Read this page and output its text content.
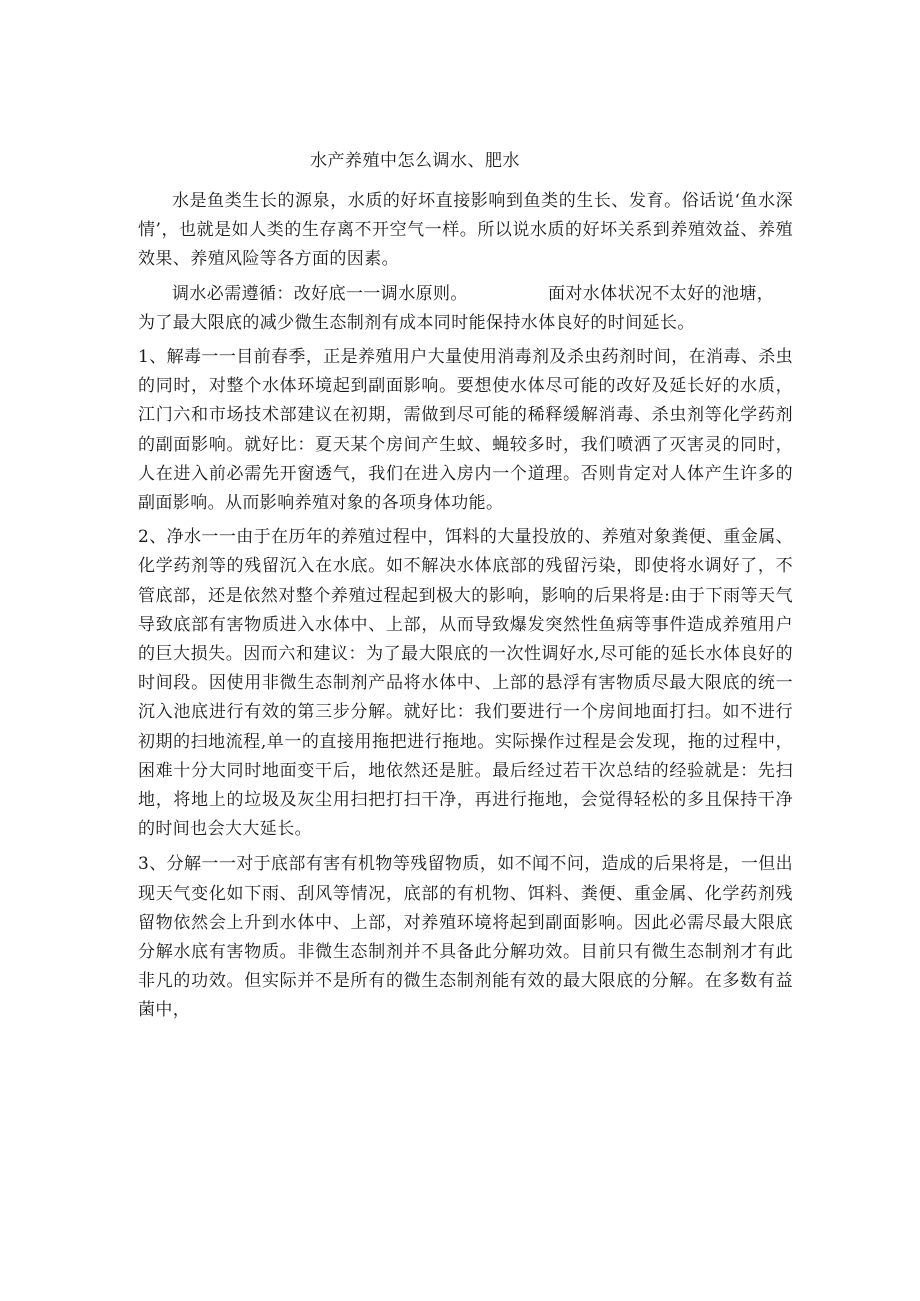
水产养殖中怎么调水、肥水

水是鱼类生长的源泉，水质的好坏直接影响到鱼类的生长、发育。俗话说‘鱼水深情’，也就是如人类的生存离不开空气一样。所以说水质的好坏关系到养殖效益、养殖效果、养殖风险等各方面的因素。

调水必需遵循：改好底一一调水原则。	面对水体状况不太好的池塘，
为了最大限底的减少微生态制剂有成本同时能保持水体良好的时间延长。

1、解毒一一目前春季，正是养殖用户大量使用消毒剂及杀虫药剂时间，在消毒、杀虫的同时，对整个水体环境起到副面影响。要想使水体尽可能的改好及延长好的水质，江门六和市场技术部建议在初期，需做到尽可能的稀释缓解消毒、杀虫剂等化学药剂的副面影响。就好比：夏天某个房间产生蚊、蝇较多时，我们喷洒了灭害灵的同时，人在进入前必需先开窗透气，我们在进入房内一个道理。否则肯定对人体产生许多的副面影响。从而影响养殖对象的各项身体功能。

2、净水一一由于在历年的养殖过程中，饵料的大量投放的、养殖对象粪便、重金属、化学药剂等的残留沉入在水底。如不解决水体底部的残留污染，即使将水调好了，不管底部，还是依然对整个养殖过程起到极大的影响，影响的后果将是:由于下雨等天气导致底部有害物质进入水体中、上部，从而导致爆发突然性鱼病等事件造成养殖用户的巨大损失。因而六和建议：为了最大限底的一次性调好水,尽可能的延长水体良好的时间段。因使用非微生态制剂产品将水体中、上部的悬浮有害物质尽最大限底的统一沉入池底进行有效的第三步分解。就好比：我们要进行一个房间地面打扫。如不进行初期的扫地流程,单一的直接用拖把进行拖地。实际操作过程是会发现，拖的过程中，困难十分大同时地面变干后，地依然还是脏。最后经过若干次总结的经验就是：先扫地，将地上的垃圾及灰尘用扫把打扫干净，再进行拖地，会觉得轻松的多且保持干净的时间也会大大延长。

3、分解一一对于底部有害有机物等残留物质，如不闻不问，造成的后果将是，一但出现天气变化如下雨、刮风等情况，底部的有机物、饵料、粪便、重金属、化学药剂残留物依然会上升到水体中、上部，对养殖环境将起到副面影响。因此必需尽最大限底分解水底有害物质。非微生态制剂并不具备此分解功效。目前只有微生态制剂才有此非凡的功效。但实际并不是所有的微生态制剂能有效的最大限底的分解。在多数有益菌中，
